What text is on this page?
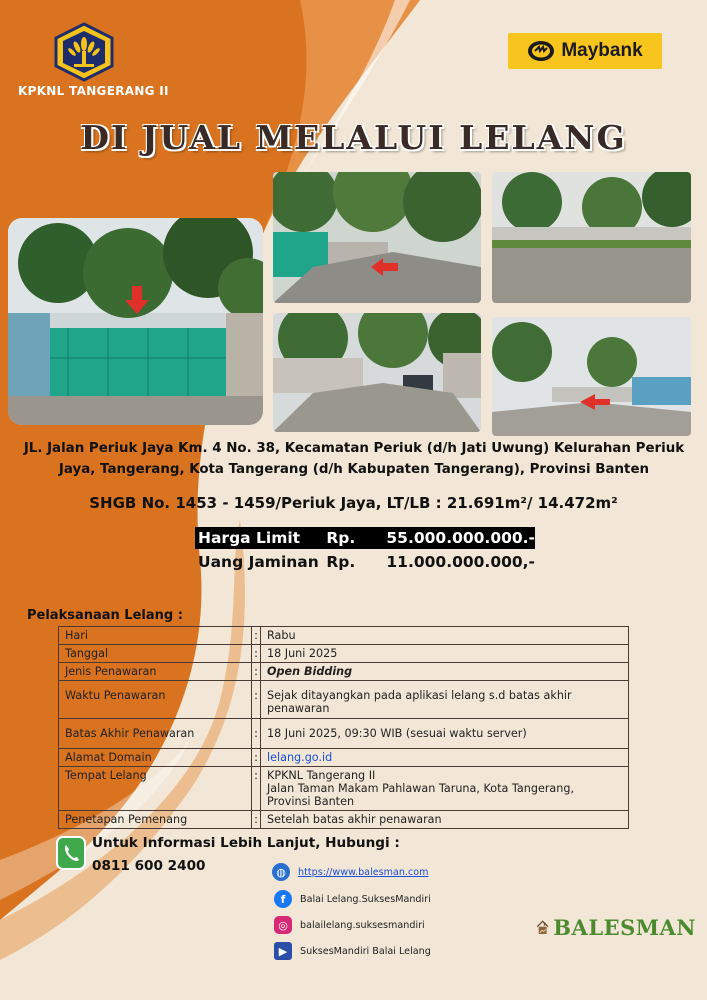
KPKNL TANGERANG II
Maybank
DI JUAL MELALUI LELANG
JL. Jalan Periuk Jaya Km. 4 No. 38, Kecamatan Periuk (d/h Jati Uwung) Kelurahan Periuk Jaya, Tangerang, Kota Tangerang (d/h Kabupaten Tangerang), Provinsi Banten
SHGB No. 1453 - 1459/Periuk Jaya, LT/LB : 21.691m²/ 14.472m²
Harga Limit	Rp.	55.000.000.000.-
Uang Jaminan Rp.	11.000.000.000,-
Pelaksanaan Lelang :
Hari	:	Rabu
Tanggal	:	18 Juni 2025
Jenis Penawaran	:	Open Bidding
Waktu Penawaran	:	Sejak ditayangkan pada aplikasi lelang s.d batas akhir penawaran
Batas Akhir Penawaran	:	18 Juni 2025, 09:30 WIB (sesuai waktu server)
Alamat Domain	:	lelang.go.id
Tempat Lelang	:	KPKNL Tangerang II
Jalan Taman Makam Pahlawan Taruna, Kota Tangerang,
Provinsi Banten

Penetapan Pemenang	:	Setelah batas akhir penawaran
Untuk Informasi Lebih Lanjut, Hubungi :
0811 600 2400	◍	https://www.balesman.com
f	Balai Lelang.SuksesMandiri
◎	balailelang.suksesmandiri
▶	SuksesMandiri Balai Lelang
BALESMAN
